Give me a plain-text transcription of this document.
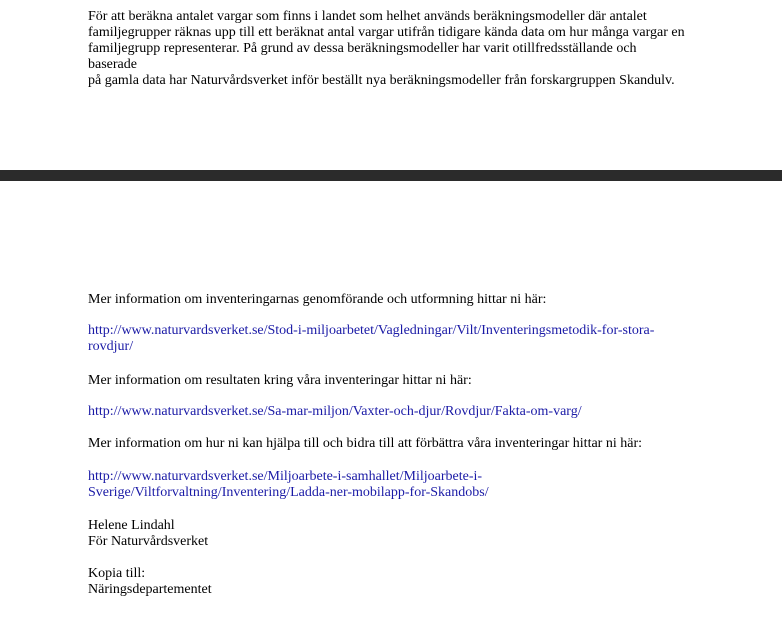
För att beräkna antalet vargar som finns i landet som helhet används beräkningsmodeller där antalet
familjegrupper räknas upp till ett beräknat antal vargar utifrån tidigare kända data om hur många vargar en
familjegrupp representerar. På grund av dessa beräkningsmodeller har varit otillfredsställande och baserade
på gamla data har Naturvårdsverket inför beställt nya beräkningsmodeller från forskargruppen Skandulv.

Mer information om inventeringarnas genomförande och utformning hittar ni här:

http://www.naturvardsverket.se/Stod-i-miljoarbetet/Vagledningar/Vilt/Inventeringsmetodik-for-stora-
rovdjur/

Mer information om resultaten kring våra inventeringar hittar ni här:

http://www.naturvardsverket.se/Sa-mar-miljon/Vaxter-och-djur/Rovdjur/Fakta-om-varg/

Mer information om hur ni kan hjälpa till och bidra till att förbättra våra inventeringar hittar ni här:

http://www.naturvardsverket.se/Miljoarbete-i-samhallet/Miljoarbete-i-
Sverige/Viltforvaltning/Inventering/Ladda-ner-mobilapp-for-Skandobs/

Helene Lindahl

För Naturvårdsverket

Kopia till:

Näringsdepartementet
